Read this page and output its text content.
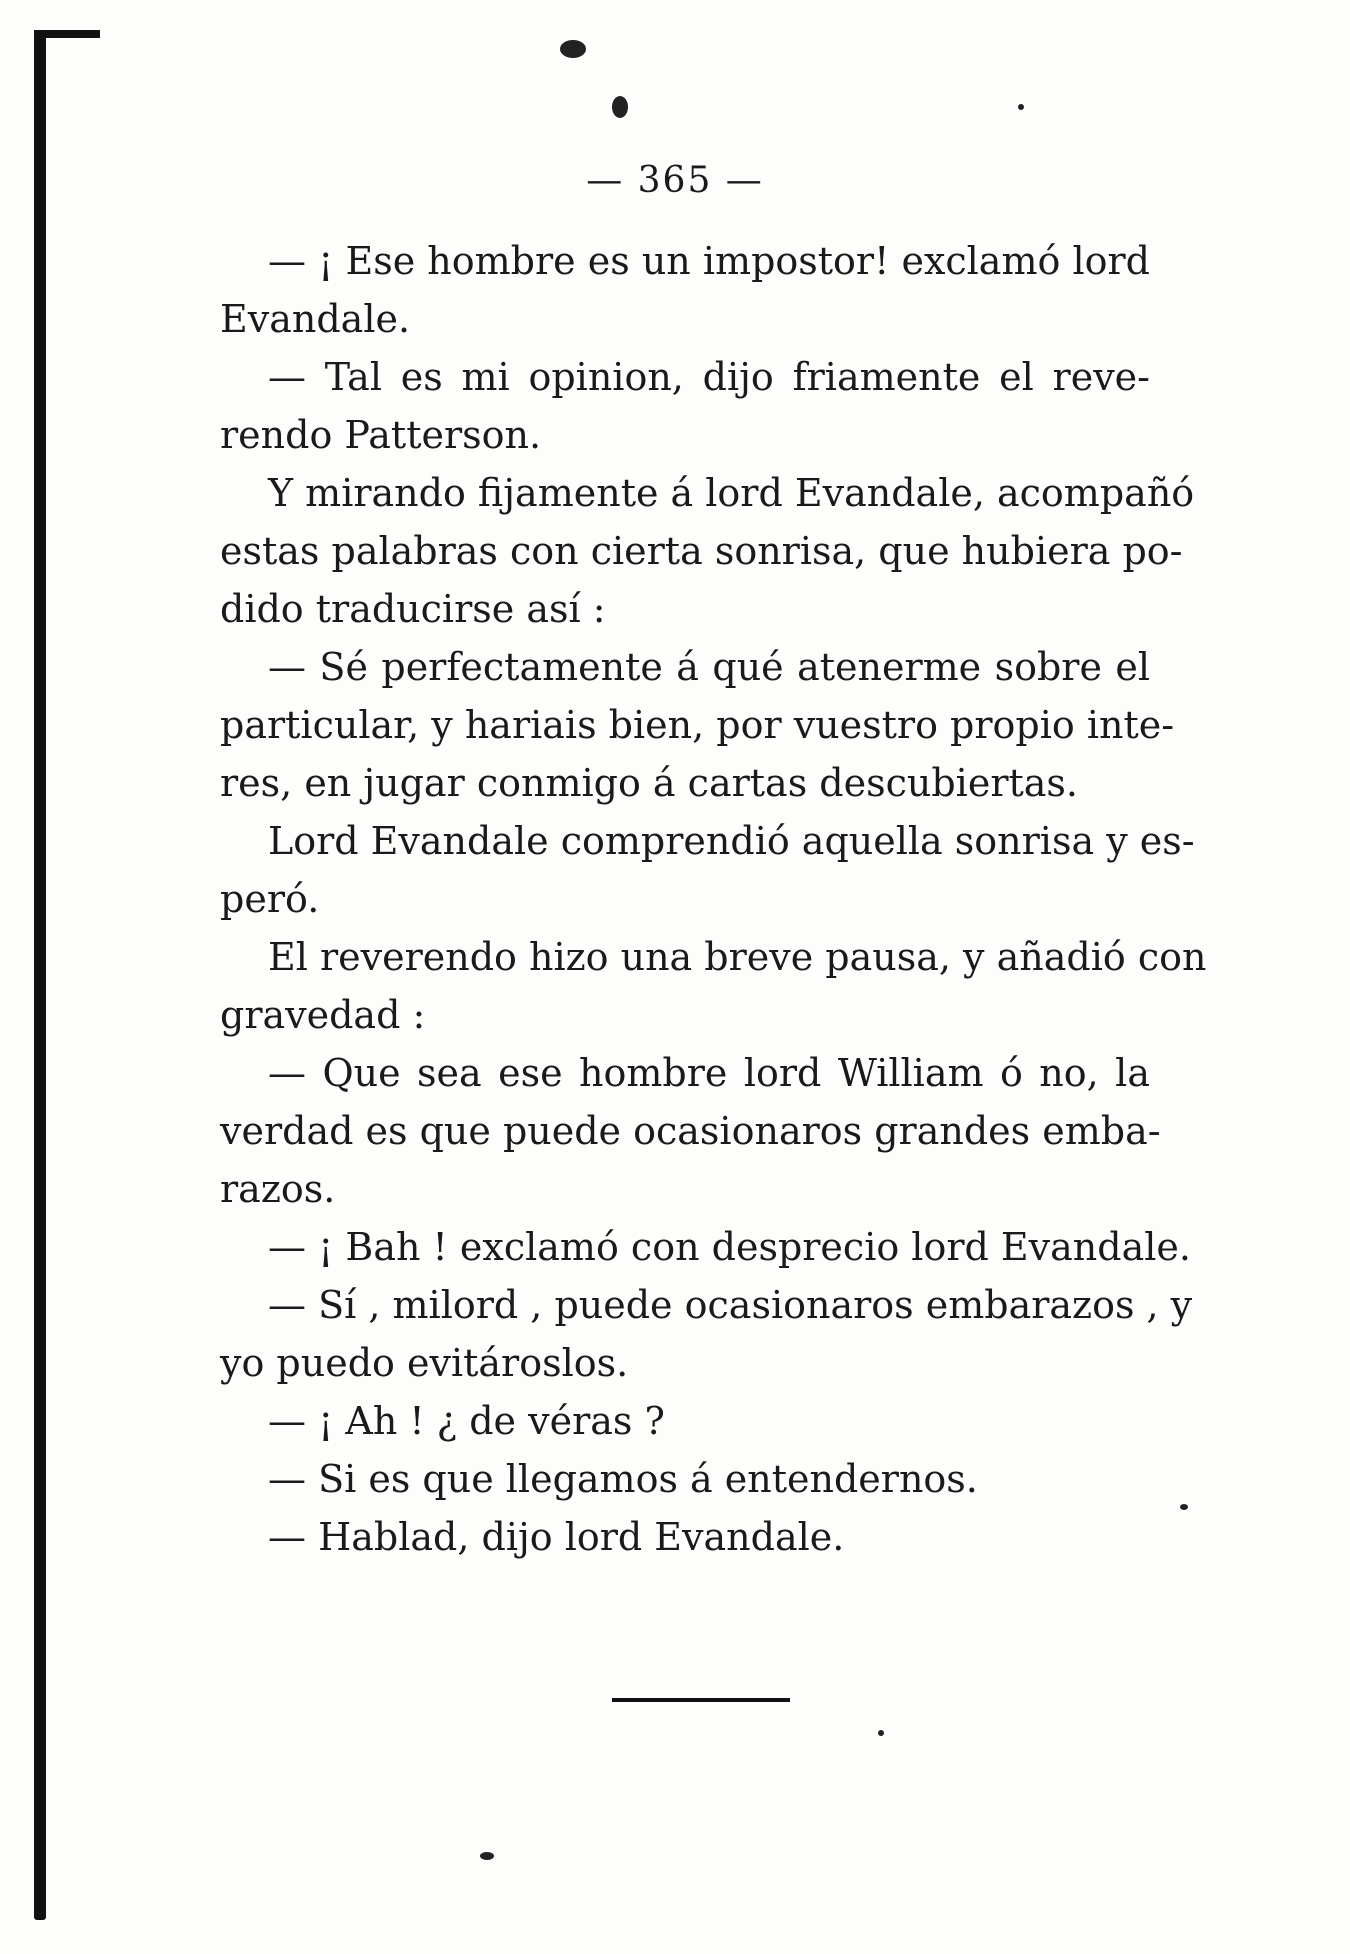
— 365 —
— ¡ Ese hombre es un impostor! exclamó lord
Evandale.
— Tal es mi opinion, dijo friamente el reve-
rendo Patterson.
Y mirando fijamente á lord Evandale, acompañó
estas palabras con cierta sonrisa, que hubiera po-
dido traducirse así :
— Sé perfectamente á qué atenerme sobre el
particular, y hariais bien, por vuestro propio inte-
res, en jugar conmigo á cartas descubiertas.
Lord Evandale comprendió aquella sonrisa y es-
peró.
El reverendo hizo una breve pausa, y añadió con
gravedad :
— Que sea ese hombre lord William ó no, la
verdad es que puede ocasionaros grandes emba-
razos.
— ¡ Bah ! exclamó con desprecio lord Evandale.
— Sí , milord , puede ocasionaros embarazos , y
yo puedo evitároslos.
— ¡ Ah ! ¿ de véras ?
— Si es que llegamos á entendernos.
— Hablad, dijo lord Evandale.
